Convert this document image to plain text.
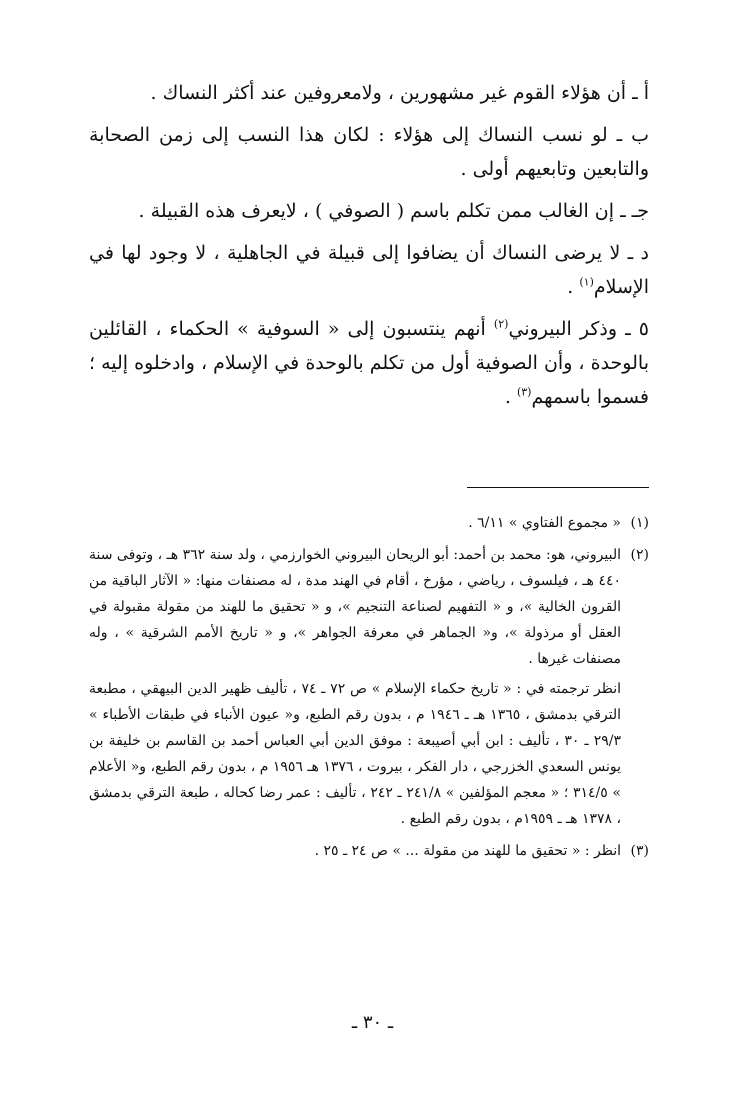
أ ـ أن هؤلاء القوم غير مشهورين ، ولامعروفين عند أكثر النساك .

ب ـ لو نسب النساك إلى هؤلاء : لكان هذا النسب إلى زمن الصحابة والتابعين وتابعيهم أولى .

جـ ـ إن الغالب ممن تكلم باسم ( الصوفي ) ، لايعرف هذه القبيلة .

د ـ لا يرضى النساك أن يضافوا إلى قبيلة في الجاهلية ، لا وجود لها في الإسلام$^{(١)}$ .

٥ ـ وذكر البيروني$^{(٢)}$ أنهم ينتسبون إلى « السوفية » الحكماء ، القائلين بالوحدة ، وأن الصوفية أول من تكلم بالوحدة في الإسلام ، وادخلوه إليه ؛ فسموا باسمهم$^{(٣)}$ .

(١)
« مجموع الفتاوي » ٦/١١ .

(٢)
البيروني، هو: محمد بن أحمد: أبو الريحان البيروني الخوارزمي ، ولد سنة ٣٦٢ هـ ، وتوفى سنة ٤٤٠ هـ ، فيلسوف ، رياضي ، مؤرخ ، أقام في الهند مدة ، له مصنفات منها: « الآثار الباقية من القرون الخالية »، و « التفهيم لصناعة التنجيم »، و « تحقيق ما للهند من مقولة مقبولة في العقل أو مرذولة »، و« الجماهر في معرفة الجواهر »، و « تاريخ الأمم الشرقية » ، وله مصنفات غيرها .

انظر ترجمته في : « تاريخ حكماء الإسلام » ص ٧٢ ـ ٧٤ ، تأليف ظهير الدين البيهقي ، مطبعة الترقي بدمشق ، ١٣٦٥ هـ ـ ١٩٤٦ م ، بدون رقم الطبع، و« عيون الأنباء في طبقات الأطباء » ٢٩/٣ ـ ٣٠ ، تأليف : ابن أبي أصيبعة : موفق الدين أبي العباس أحمد بن القاسم بن خليفة بن يونس السعدي الخزرجي ، دار الفكر ، بيروت ، ١٣٧٦ هـ ١٩٥٦ م ، بدون رقم الطبع، و« الأعلام » ٣١٤/٥ ؛ « معجم المؤلفين » ٢٤١/٨ ـ ٢٤٢ ، تأليف : عمر رضا كحاله ، طبعة الترقي بدمشق ، ١٣٧٨ هـ ـ ١٩٥٩م ، بدون رقم الطبع .

(٣)
انظر : « تحقيق ما للهند من مقولة ... » ص ٢٤ ـ ٢٥ .

ـ ٣٠ ـ
